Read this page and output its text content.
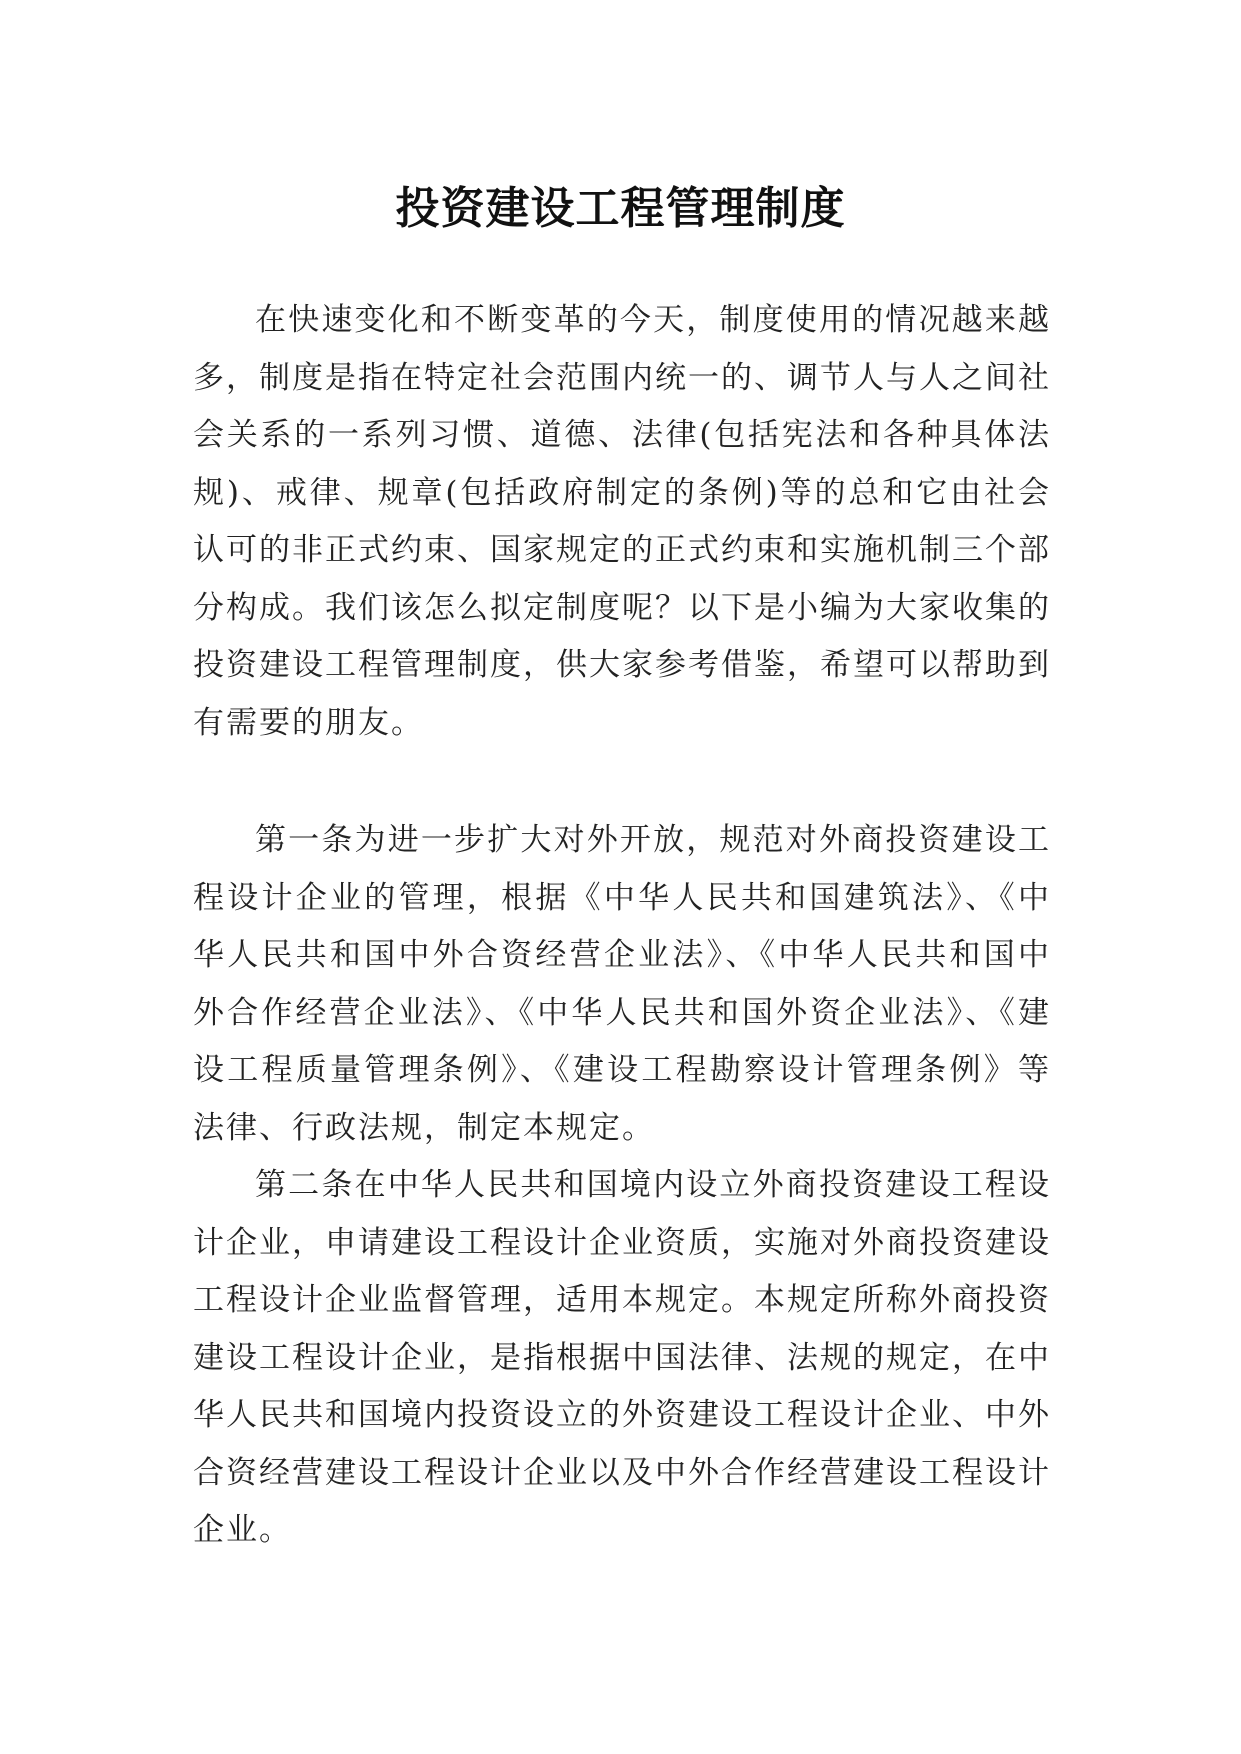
投资建设工程管理制度

在快速变化和不断变革的今天，制度使用的情况越来越多，制度是指在特定社会范围内统一的、调节人与人之间社会关系的一系列习惯、道德、法律(包括宪法和各种具体法规)、戒律、规章(包括政府制定的条例)等的总和它由社会认可的非正式约束、国家规定的正式约束和实施机制三个部分构成。我们该怎么拟定制度呢？以下是小编为大家收集的投资建设工程管理制度，供大家参考借鉴，希望可以帮助到有需要的朋友。

第一条为进一步扩大对外开放，规范对外商投资建设工程设计企业的管理，根据《中华人民共和国建筑法》、《中华人民共和国中外合资经营企业法》、《中华人民共和国中外合作经营企业法》、《中华人民共和国外资企业法》、《建设工程质量管理条例》、《建设工程勘察设计管理条例》等法律、行政法规，制定本规定。

第二条在中华人民共和国境内设立外商投资建设工程设计企业，申请建设工程设计企业资质，实施对外商投资建设工程设计企业监督管理，适用本规定。本规定所称外商投资建设工程设计企业，是指根据中国法律、法规的规定，在中华人民共和国境内投资设立的外资建设工程设计企业、中外合资经营建设工程设计企业以及中外合作经营建设工程设计企业。
